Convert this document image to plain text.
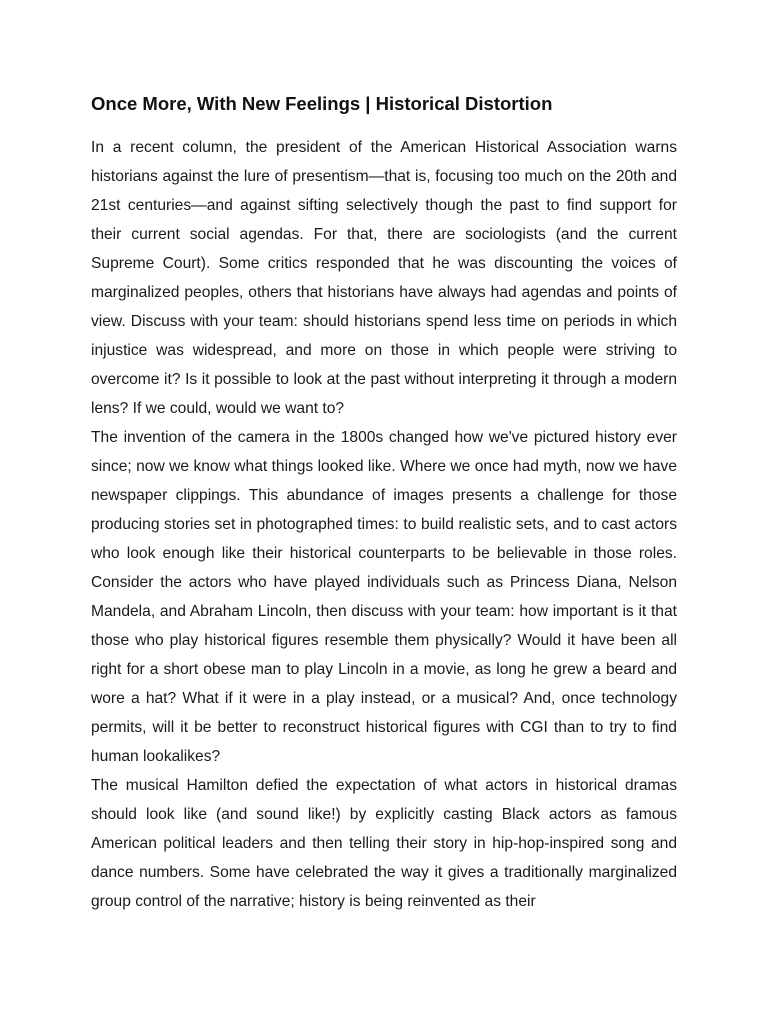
Once More, With New Feelings | Historical Distortion

In a recent column, the president of the American Historical Association warns historians against the lure of presentism—that is, focusing too much on the 20th and 21st centuries—and against sifting selectively though the past to find support for their current social agendas. For that, there are sociologists (and the current Supreme Court). Some critics responded that he was discounting the voices of marginalized peoples, others that historians have always had agendas and points of view. Discuss with your team: should historians spend less time on periods in which injustice was widespread, and more on those in which people were striving to overcome it? Is it possible to look at the past without interpreting it through a modern lens? If we could, would we want to?

The invention of the camera in the 1800s changed how we've pictured history ever since; now we know what things looked like. Where we once had myth, now we have newspaper clippings. This abundance of images presents a challenge for those producing stories set in photographed times: to build realistic sets, and to cast actors who look enough like their historical counterparts to be believable in those roles. Consider the actors who have played individuals such as Princess Diana, Nelson Mandela, and Abraham Lincoln, then discuss with your team: how important is it that those who play historical figures resemble them physically? Would it have been all right for a short obese man to play Lincoln in a movie, as long he grew a beard and wore a hat? What if it were in a play instead, or a musical? And, once technology permits, will it be better to reconstruct historical figures with CGI than to try to find human lookalikes?

The musical Hamilton defied the expectation of what actors in historical dramas should look like (and sound like!) by explicitly casting Black actors as famous American political leaders and then telling their story in hip-hop-inspired song and dance numbers. Some have celebrated the way it gives a traditionally marginalized group control of the narrative; history is being reinvented as their
